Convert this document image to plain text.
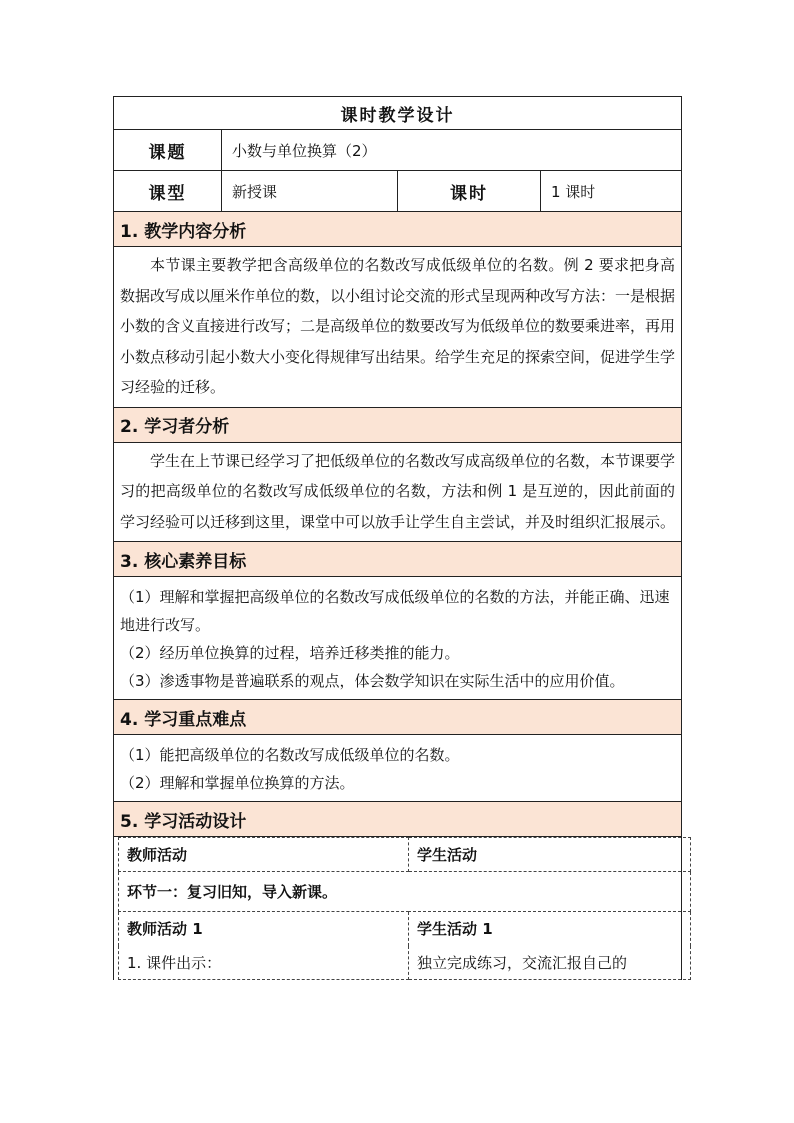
课时教学设计
课题	小数与单位换算（2）
课型	新授课	课时	1 课时
1. 教学内容分析

本节课主要教学把含高级单位的名数改写成低级单位的名数。例 2 要求把身高数据改写成以厘米作单位的数，以小组讨论交流的形式呈现两种改写方法：一是根据小数的含义直接进行改写；二是高级单位的数要改写为低级单位的数要乘进率，再用小数点移动引起小数大小变化得规律写出结果。给学生充足的探索空间，促进学生学习经验的迁移。

2. 学习者分析

学生在上节课已经学习了把低级单位的名数改写成高级单位的名数，本节课要学习的把高级单位的名数改写成低级单位的名数，方法和例 1 是互逆的，因此前面的学习经验可以迁移到这里，课堂中可以放手让学生自主尝试，并及时组织汇报展示。

3. 核心素养目标

（1）理解和掌握把高级单位的名数改写成低级单位的名数的方法，并能正确、迅速地进行改写。
（2）经历单位换算的过程，培养迁移类推的能力。
（3）渗透事物是普遍联系的观点，体会数学知识在实际生活中的应用价值。

4. 学习重点难点

（1）能把高级单位的名数改写成低级单位的名数。
（2）理解和掌握单位换算的方法。

5. 学习活动设计

教师活动	学生活动
环节一：复习旧知，导入新课。
教师活动 1	学生活动 1
1. 课件出示：	独立完成练习，交流汇报自己的
